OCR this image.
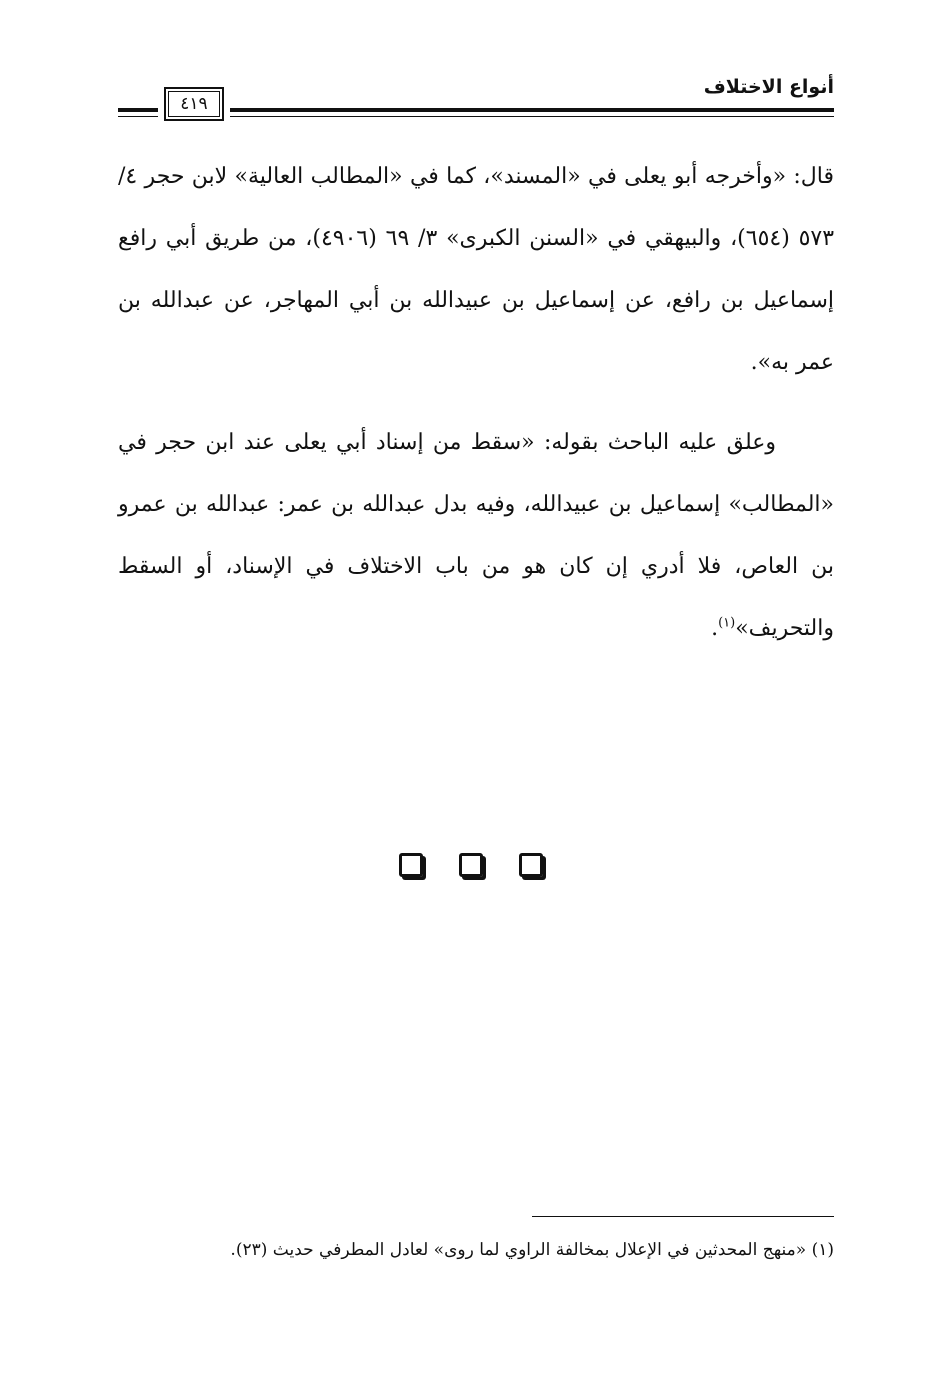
أنواع الاختلاف
٤١٩

قال: «وأخرجه أبو يعلى في «المسند»، كما في «المطالب العالية» لابن حجر ٤/ ٥٧٣ (٦٥٤)، والبيهقي في «السنن الكبرى» ٣/ ٦٩ (٤٩٠٦)، من طريق أبي رافع إسماعيل بن رافع، عن إسماعيل بن عبيدالله بن أبي المهاجر، عن عبدالله بن عمر به».

وعلق عليه الباحث بقوله: «سقط من إسناد أبي يعلى عند ابن حجر في «المطالب» إسماعيل بن عبيدالله، وفيه بدل عبدالله بن عمر: عبدالله بن عمرو بن العاص، فلا أدري إن كان هو من باب الاختلاف في الإسناد، أو السقط والتحريف»$^{(١)}$.

(١) «منهج المحدثين في الإعلال بمخالفة الراوي لما روى» لعادل المطرفي حديث (٢٣).
